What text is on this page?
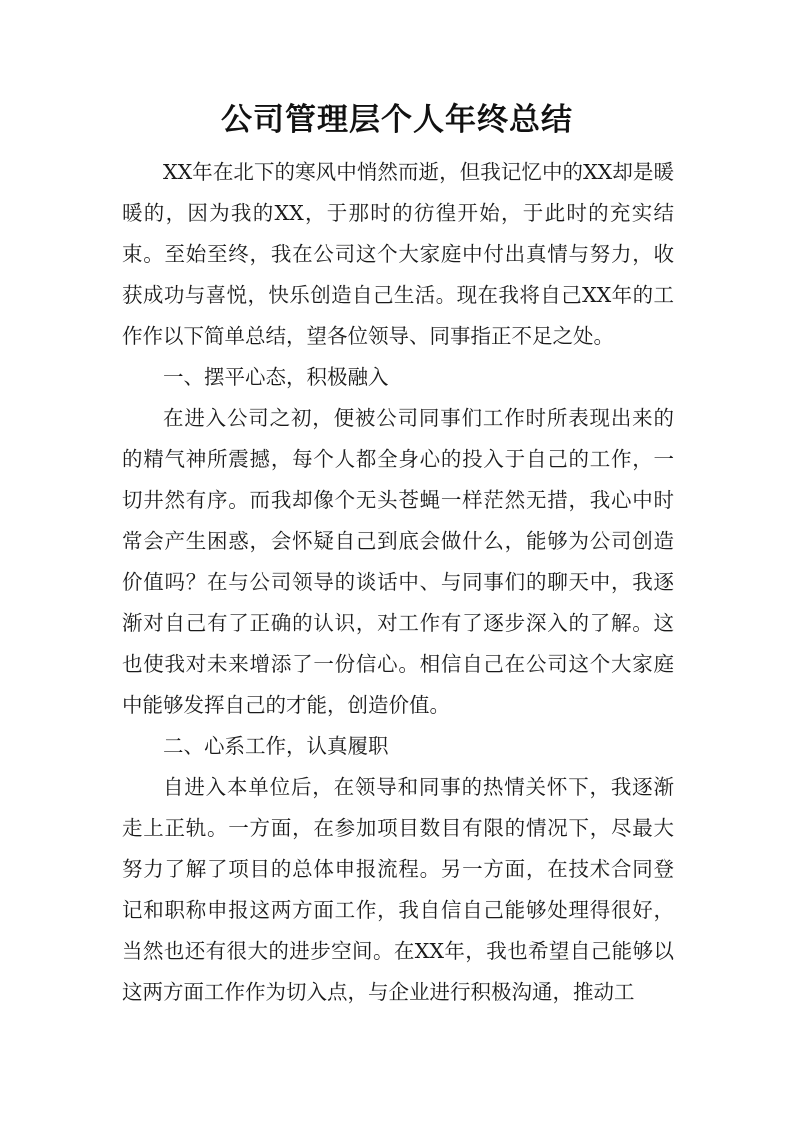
公司管理层个人年终总结

XX年在北下的寒风中悄然而逝，但我记忆中的XX却是暖暖的，因为我的XX，于那时的彷徨开始，于此时的充实结束。至始至终，我在公司这个大家庭中付出真情与努力，收获成功与喜悦，快乐创造自己生活。现在我将自己XX年的工作作以下简单总结，望各位领导、同事指正不足之处。

一、摆平心态，积极融入

在进入公司之初，便被公司同事们工作时所表现出来的的精气神所震撼，每个人都全身心的投入于自己的工作，一切井然有序。而我却像个无头苍蝇一样茫然无措，我心中时常会产生困惑，会怀疑自己到底会做什么，能够为公司创造价值吗？在与公司领导的谈话中、与同事们的聊天中，我逐渐对自己有了正确的认识，对工作有了逐步深入的了解。这也使我对未来增添了一份信心。相信自己在公司这个大家庭中能够发挥自己的才能，创造价值。

二、心系工作，认真履职

自进入本单位后，在领导和同事的热情关怀下，我逐渐走上正轨。一方面，在参加项目数目有限的情况下，尽最大努力了解了项目的总体申报流程。另一方面，在技术合同登记和职称申报这两方面工作，我自信自己能够处理得很好，当然也还有很大的进步空间。在XX年，我也希望自己能够以这两方面工作作为切入点，与企业进行积极沟通，推动工
